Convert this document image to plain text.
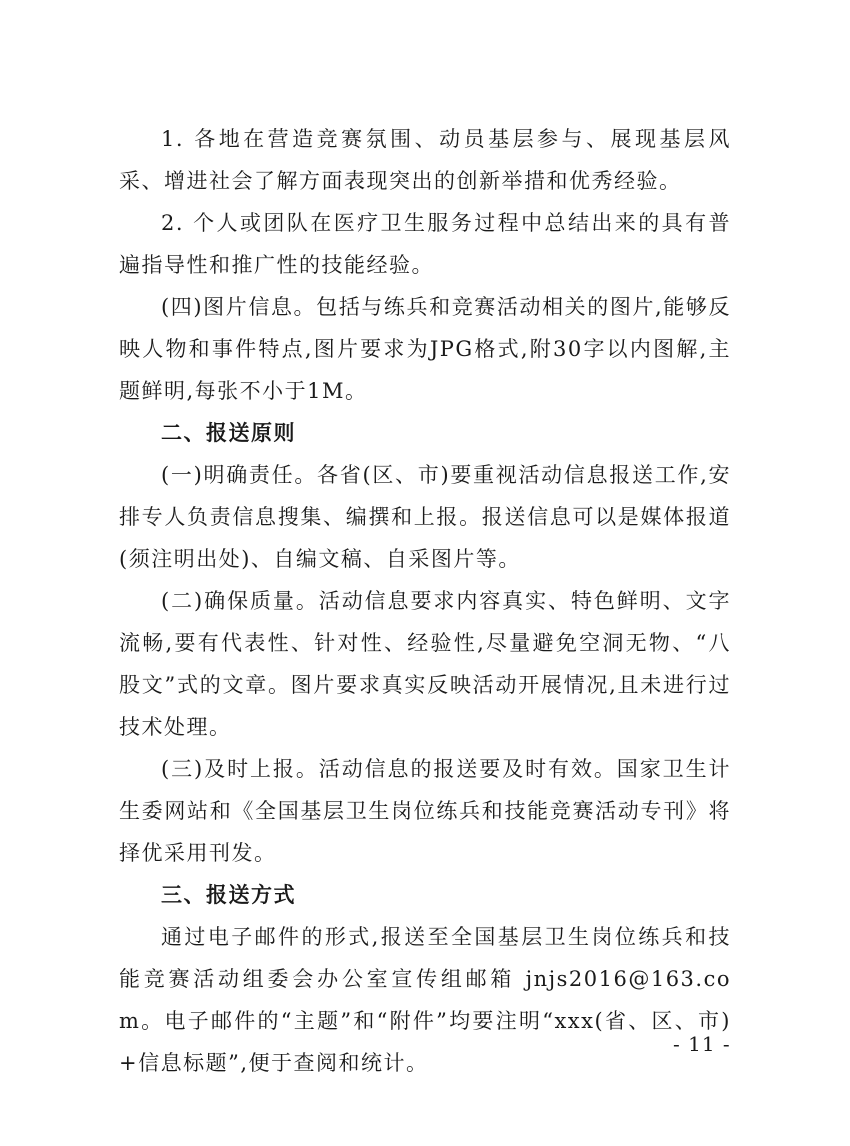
1. 各地在营造竞赛氛围、动员基层参与、展现基层风采、增进社会了解方面表现突出的创新举措和优秀经验。

2. 个人或团队在医疗卫生服务过程中总结出来的具有普遍指导性和推广性的技能经验。

(四)图片信息。包括与练兵和竞赛活动相关的图片,能够反映人物和事件特点,图片要求为JPG格式,附30字以内图解,主题鲜明,每张不小于1M。

二、报送原则

(一)明确责任。各省(区、市)要重视活动信息报送工作,安排专人负责信息搜集、编撰和上报。报送信息可以是媒体报道(须注明出处)、自编文稿、自采图片等。

(二)确保质量。活动信息要求内容真实、特色鲜明、文字流畅,要有代表性、针对性、经验性,尽量避免空洞无物、“八股文”式的文章。图片要求真实反映活动开展情况,且未进行过技术处理。

(三)及时上报。活动信息的报送要及时有效。国家卫生计生委网站和《全国基层卫生岗位练兵和技能竞赛活动专刊》将择优采用刊发。

三、报送方式

通过电子邮件的形式,报送至全国基层卫生岗位练兵和技能竞赛活动组委会办公室宣传组邮箱 jnjs2016@163.com。电子邮件的“主题”和“附件”均要注明“xxx(省、区、市)+信息标题”,便于查阅和统计。

- 11 -
